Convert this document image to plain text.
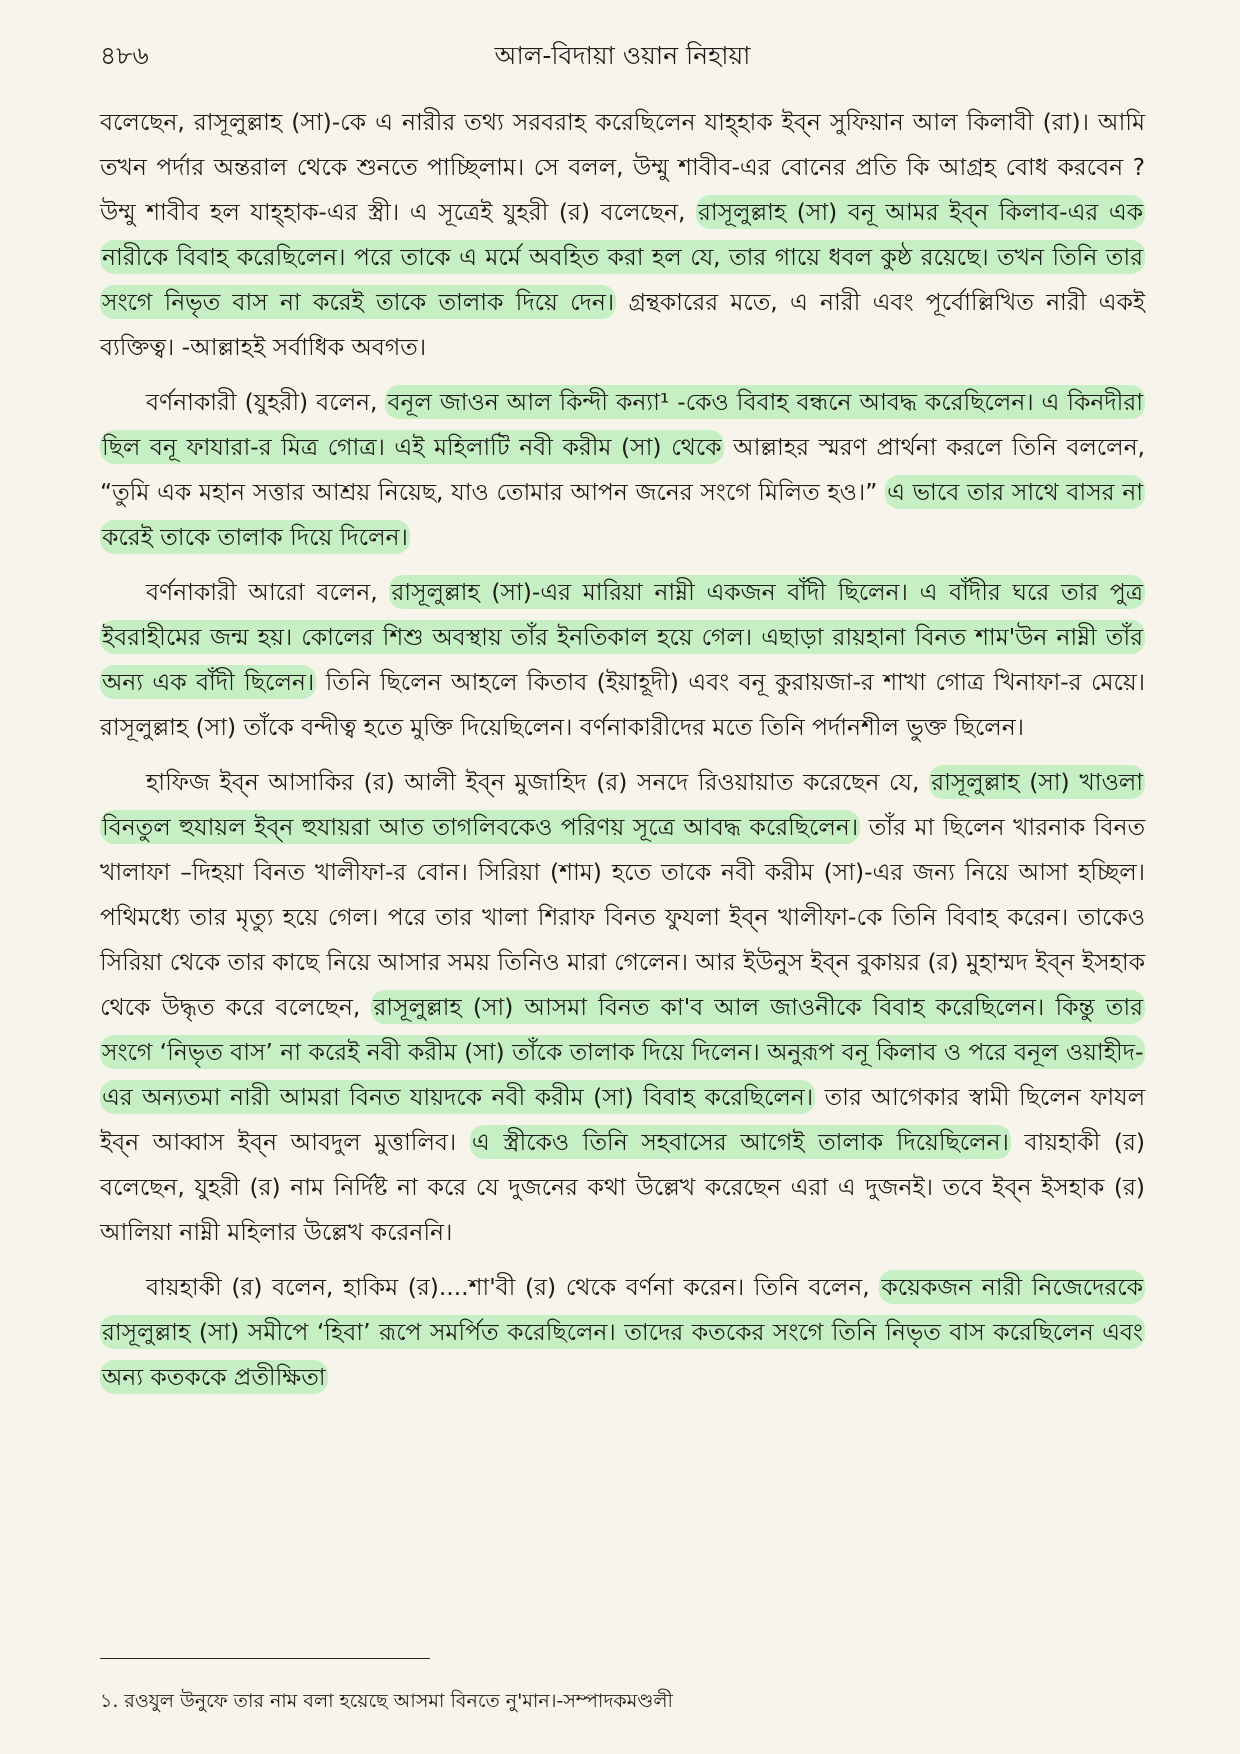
৪৮৬	আল-বিদায়া ওয়ান নিহায়া

বলেছেন, রাসূলুল্লাহ (সা)-কে এ নারীর তথ্য সরবরাহ করেছিলেন যাহ্‌হাক ইব্‌ন সুফিয়ান আল কিলাবী (রা)। আমি তখন পর্দার অন্তরাল থেকে শুনতে পাচ্ছিলাম। সে বলল, উম্মু শাবীব-এর বোনের প্রতি কি আগ্রহ বোধ করবেন ? উম্মু শাবীব হল যাহ্‌হাক-এর স্ত্রী। এ সূত্রেই যুহরী (র) বলেছেন, রাসূলুল্লাহ (সা) বনূ আমর ইব্‌ন কিলাব-এর এক নারীকে বিবাহ করেছিলেন। পরে তাকে এ মর্মে অবহিত করা হল যে, তার গায়ে ধবল কুষ্ঠ রয়েছে। তখন তিনি তার সংগে নিভৃত বাস না করেই তাকে তালাক দিয়ে দেন। গ্রন্থকারের মতে, এ নারী এবং পূর্বোল্লিখিত নারী একই ব্যক্তিত্ব। -আল্লাহই সর্বাধিক অবগত।

বর্ণনাকারী (যুহরী) বলেন, বনূল জাওন আল কিন্দী কন্যা¹ -কেও বিবাহ বন্ধনে আবদ্ধ করেছিলেন। এ কিনদীরা ছিল বনূ ফাযারা-র মিত্র গোত্র। এই মহিলাটি নবী করীম (সা) থেকে আল্লাহর স্মরণ প্রার্থনা করলে তিনি বললেন, “তুমি এক মহান সত্তার আশ্রয় নিয়েছ, যাও তোমার আপন জনের সংগে মিলিত হও।” এ ভাবে তার সাথে বাসর না করেই তাকে তালাক দিয়ে দিলেন।

বর্ণনাকারী আরো বলেন, রাসূলুল্লাহ (সা)-এর মারিয়া নাম্নী একজন বাঁদী ছিলেন। এ বাঁদীর ঘরে তার পুত্র ইবরাহীমের জন্ম হয়। কোলের শিশু অবস্থায় তাঁর ইনতিকাল হয়ে গেল। এছাড়া রায়হানা বিনত শাম'উন নাম্নী তাঁর অন্য এক বাঁদী ছিলেন। তিনি ছিলেন আহলে কিতাব (ইয়াহূদী) এবং বনূ কুরায়জা-র শাখা গোত্র খিনাফা-র মেয়ে। রাসূলুল্লাহ (সা) তাঁকে বন্দীত্ব হতে মুক্তি দিয়েছিলেন। বর্ণনাকারীদের মতে তিনি পর্দানশীল ভুক্ত ছিলেন।

হাফিজ ইব্‌ন আসাকির (র) আলী ইব্‌ন মুজাহিদ (র) সনদে রিওয়ায়াত করেছেন যে, রাসূলুল্লাহ (সা) খাওলা বিনতুল হুযায়ল ইব্‌ন হুযায়রা আত তাগলিবকেও পরিণয় সূত্রে আবদ্ধ করেছিলেন। তাঁর মা ছিলেন খারনাক বিনত খালাফা –দিহয়া বিনত খালীফা-র বোন। সিরিয়া (শাম) হতে তাকে নবী করীম (সা)-এর জন্য নিয়ে আসা হচ্ছিল। পথিমধ্যে তার মৃত্যু হয়ে গেল। পরে তার খালা শিরাফ বিনত ফুযলা ইব্‌ন খালীফা-কে তিনি বিবাহ করেন। তাকেও সিরিয়া থেকে তার কাছে নিয়ে আসার সময় তিনিও মারা গেলেন। আর ইউনুস ইব্‌ন বুকায়র (র) মুহাম্মদ ইব্‌ন ইসহাক থেকে উদ্ধৃত করে বলেছেন, রাসূলুল্লাহ (সা) আসমা বিনত কা'ব আল জাওনীকে বিবাহ করেছিলেন। কিন্তু তার সংগে ‘নিভৃত বাস’ না করেই নবী করীম (সা) তাঁকে তালাক দিয়ে দিলেন। অনুরূপ বনূ কিলাব ও পরে বনূল ওয়াহীদ-এর অন্যতমা নারী আমরা বিনত যায়দকে নবী করীম (সা) বিবাহ করেছিলেন। তার আগেকার স্বামী ছিলেন ফাযল ইব্‌ন আব্বাস ইব্‌ন আবদুল মুত্তালিব। এ স্ত্রীকেও তিনি সহবাসের আগেই তালাক দিয়েছিলেন। বায়হাকী (র) বলেছেন, যুহরী (র) নাম নির্দিষ্ট না করে যে দুজনের কথা উল্লেখ করেছেন এরা এ দুজনই। তবে ইব্‌ন ইসহাক (র) আলিয়া নাম্নী মহিলার উল্লেখ করেননি।

বায়হাকী (র) বলেন, হাকিম (র)....শা'বী (র) থেকে বর্ণনা করেন। তিনি বলেন, কয়েকজন নারী নিজেদেরকে রাসূলুল্লাহ (সা) সমীপে ‘হিবা’ রূপে সমর্পিত করেছিলেন। তাদের কতকের সংগে তিনি নিভৃত বাস করেছিলেন এবং অন্য কতককে প্রতীক্ষিতা

১. রওযুল উনুফে তার নাম বলা হয়েছে আসমা বিনতে নু'মান।-সম্পাদকমণ্ডলী
